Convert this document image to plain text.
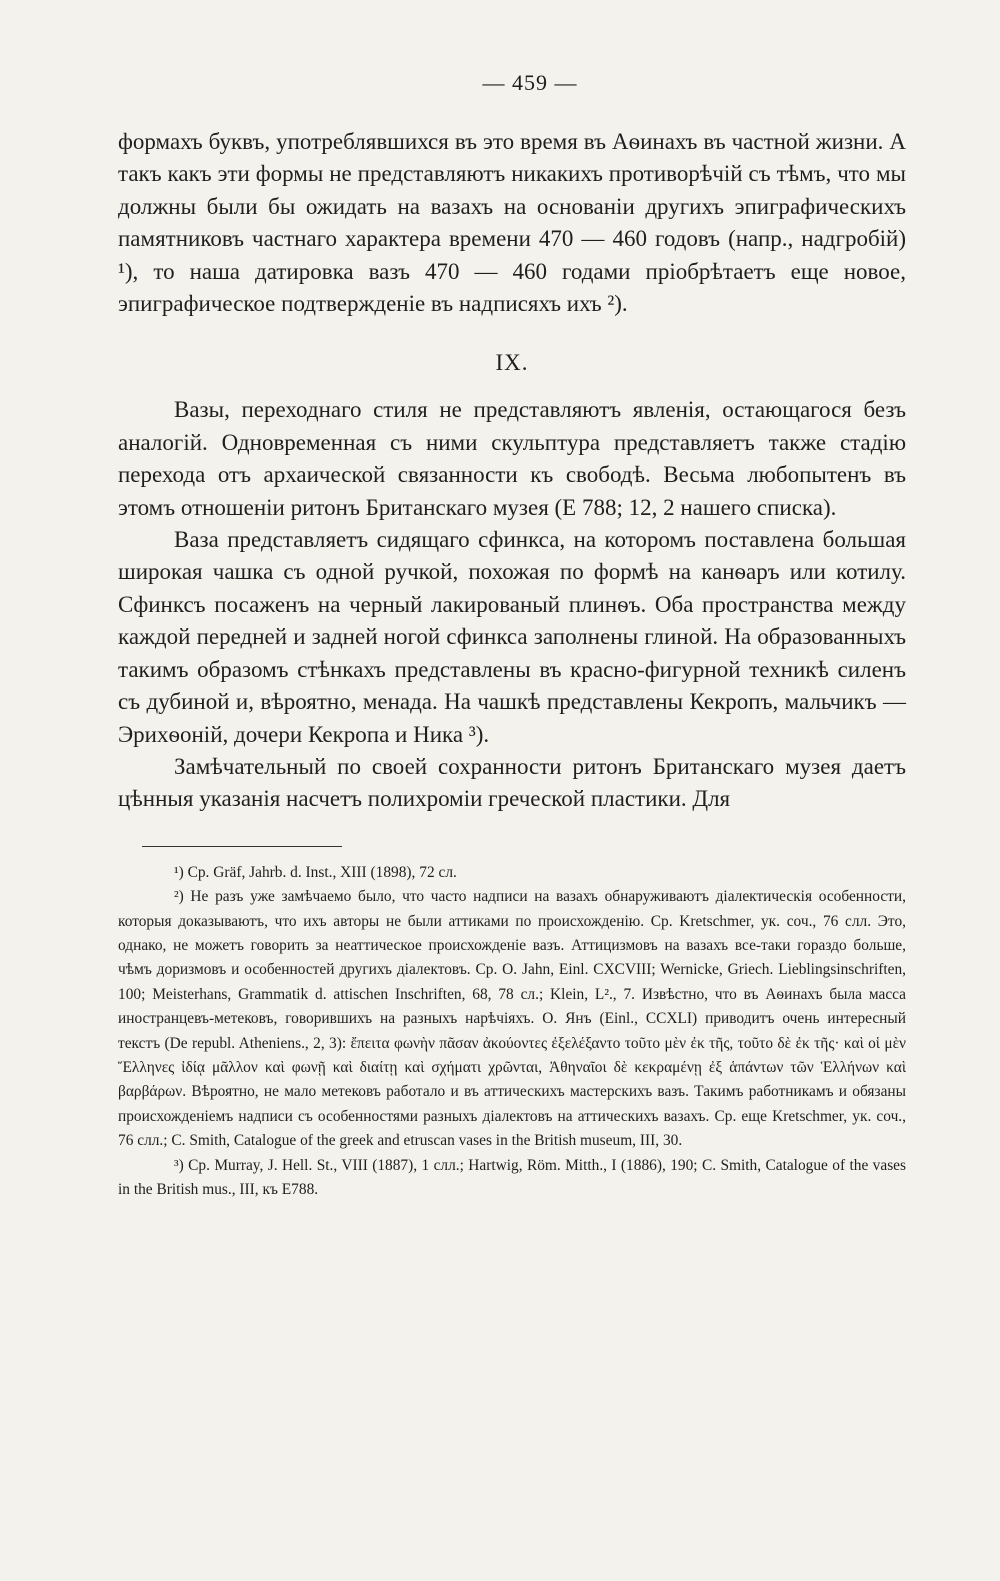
— 459 —

формахъ буквъ, употреблявшихся въ это время въ Аѳинахъ въ частной жизни. А такъ какъ эти формы не представляютъ никакихъ противорѣчій съ тѣмъ, что мы должны были бы ожидать на вазахъ на основаніи другихъ эпиграфическихъ памятниковъ частнаго характера времени 470 — 460 годовъ (напр., надгробій) ¹), то наша датировка вазъ 470 — 460 годами пріобрѣтаетъ еще новое, эпиграфическое подтвержденіе въ надписяхъ ихъ ²).

IX.

Вазы, переходнаго стиля не представляютъ явленія, остающагося безъ аналогій. Одновременная съ ними скульптура представляетъ также стадію перехода отъ архаической связанности къ свободѣ. Весьма любопытенъ въ этомъ отношеніи ритонъ Британскаго музея (Е 788; 12, 2 нашего списка).

Ваза представляетъ сидящаго сфинкса, на которомъ поставлена большая широкая чашка съ одной ручкой, похожая по формѣ на канѳаръ или котилу. Сфинксъ посаженъ на черный лакированый плинѳъ. Оба пространства между каждой передней и задней ногой сфинкса заполнены глиной. На образованныхъ такимъ образомъ стѣнкахъ представлены въ красно-фигурной техникѣ силенъ съ дубиной и, вѣроятно, менада. На чашкѣ представлены Кекропъ, мальчикъ — Эрихѳоній, дочери Кекропа и Ника ³).

Замѣчательный по своей сохранности ритонъ Британскаго музея даетъ цѣнныя указанія насчетъ полихроміи греческой пластики. Для

¹) Ср. Gräf, Jahrb. d. Inst., XIII (1898), 72 сл.

²) Не разъ уже замѣчаемо было, что часто надписи на вазахъ обнаруживаютъ діалектическія особенности, которыя доказываютъ, что ихъ авторы не были аттиками по происхожденію. Ср. Kretschmer, ук. соч., 76 слл. Это, однако, не можетъ говорить за неаттическое происхожденіе вазъ. Аттицизмовъ на вазахъ все-таки гораздо больше, чѣмъ доризмовъ и особенностей другихъ діалектовъ. Ср. O. Jahn, Einl. CXCVIII; Wernicke, Griech. Lieblingsinschriften, 100; Meisterhans, Grammatik d. attischen Inschriften, 68, 78 сл.; Klein, L²., 7. Извѣстно, что въ Аѳинахъ была масса иностранцевъ-метековъ, говорившихъ на разныхъ нарѣчіяхъ. О. Янъ (Einl., CCXLI) приводитъ очень интересный текстъ (De republ. Atheniens., 2, 3): ἔπειτα φωνὴν πᾶσαν ἀκούοντες ἐξελέξαντο τοῦτο μὲν ἐκ τῆς, τοῦτο δὲ ἐκ τῆς· καὶ οἱ μὲν Ἕλληνες ἰδίᾳ μᾶλλον καὶ φωνῇ καὶ διαίτῃ καὶ σχήματι χρῶνται, Ἀθηναῖοι δὲ κεκραμένῃ ἐξ ἁπάντων τῶν Ἑλλήνων καὶ βαρβάρων. Вѣроятно, не мало метековъ работало и въ аттическихъ мастерскихъ вазъ. Такимъ работникамъ и обязаны происхожденіемъ надписи съ особенностями разныхъ діалектовъ на аттическихъ вазахъ. Ср. еще Kretschmer, ук. соч., 76 слл.; C. Smith, Catalogue of the greek and etruscan vases in the British museum, III, 30.

³) Ср. Murray, J. Hell. St., VIII (1887), 1 слл.; Hartwig, Röm. Mitth., I (1886), 190; C. Smith, Catalogue of the vases in the British mus., III, къ E788.
